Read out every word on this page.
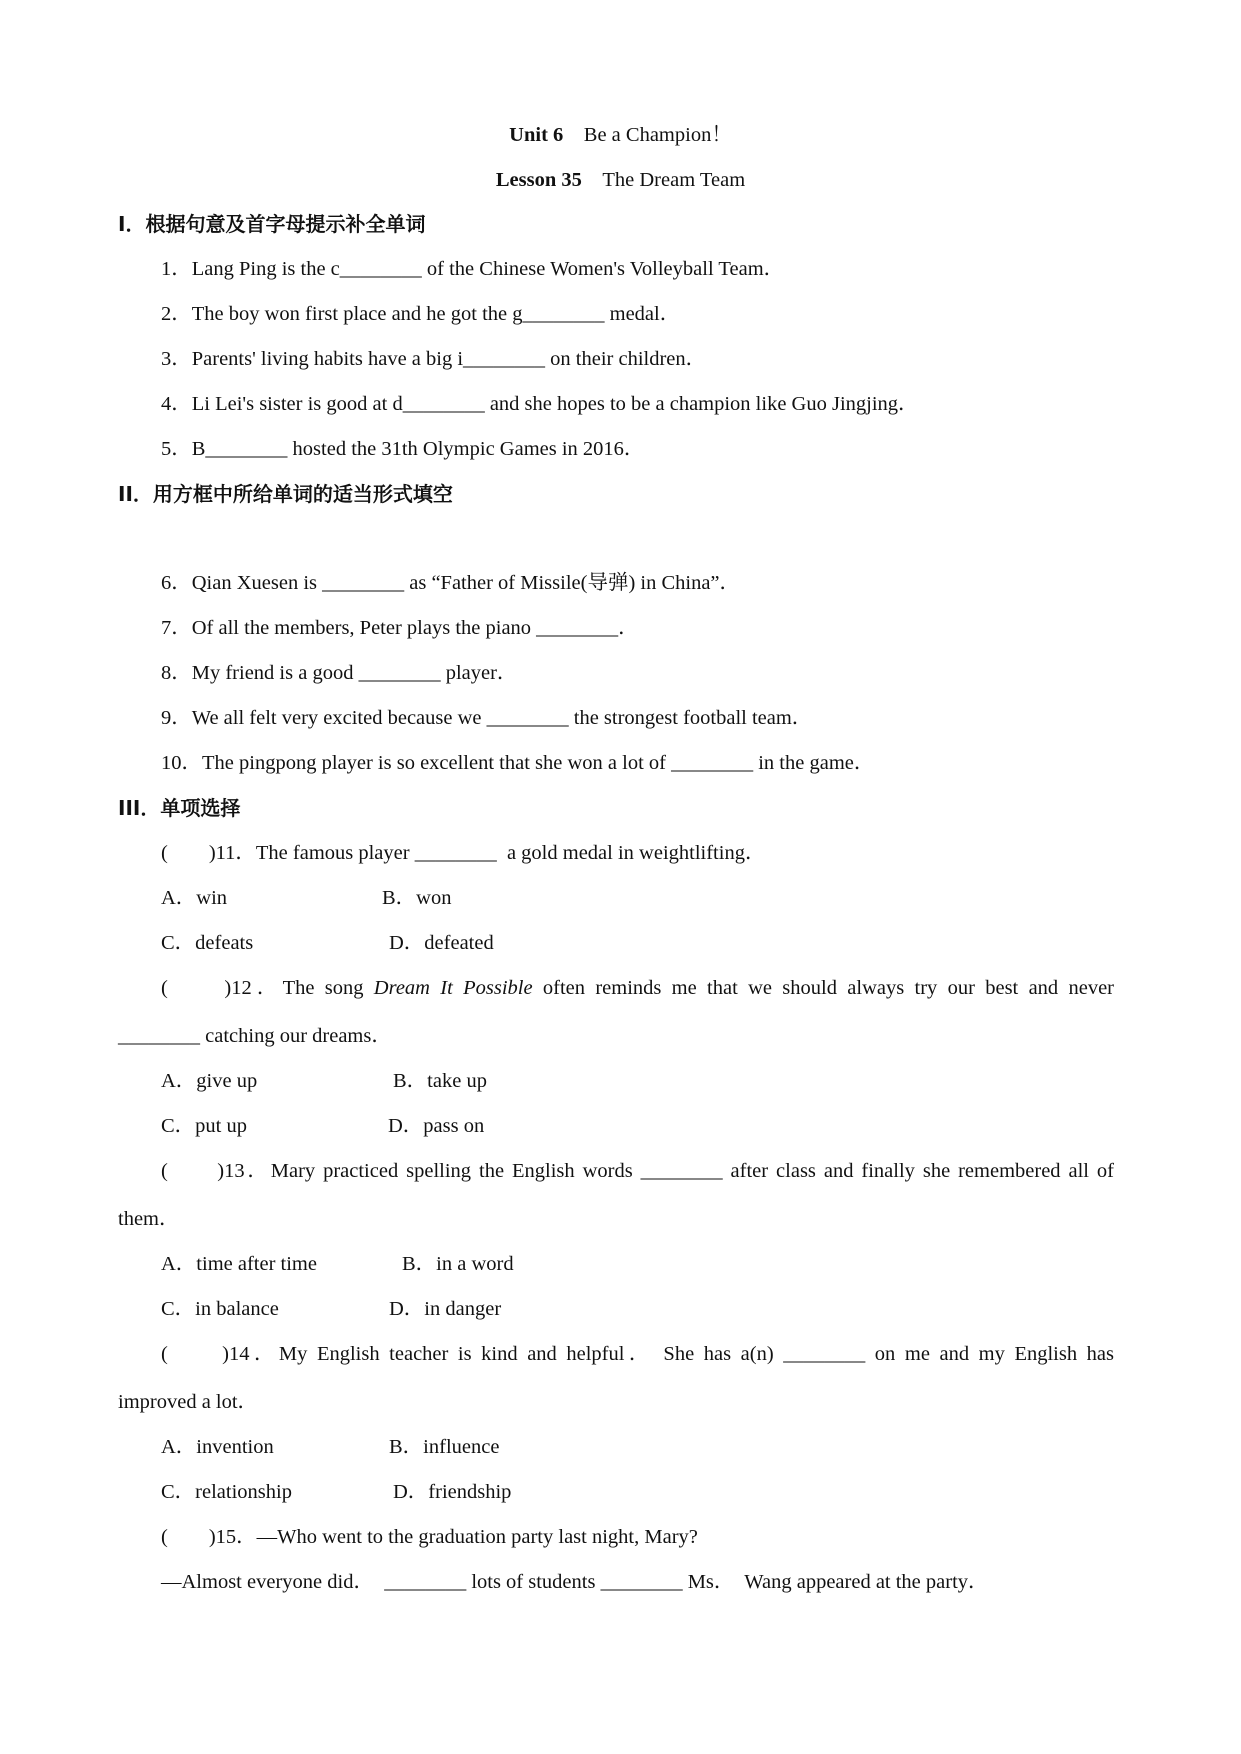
Unit 6　 Be a Champion！
Lesson 35　 The Dream Team
I．根据句意及首字母提示补全单词
1．Lang Ping is the c________ of the Chinese Women's Volleyball Team．
2．The boy won first place and he got the g________ medal．
3．Parents' living habits have a big i________ on their children．
4．Li Lei's sister is good at d________ and she hopes to be a champion like Guo Jingjing．
5．B________ hosted the 31th Olympic Games in 2016．
II．用方框中所给单词的适当形式填空
6．Qian Xuesen is ________ as “Father of Missile(导弹) in China”．
7．Of all the members, Peter plays the piano ________．
8．My friend is a good ________ player．
9．We all felt very excited because we ________ the strongest football team．
10．The pingpong player is so excellent that she won a lot of ________ in the game．
III．单项选择
(　　)11．The famous player ________  a gold medal in weightlifting．
A．win	B．won
C．defeats	D．defeated
(　　)12．The song Dream It Possible often reminds me that we should always try our best and never
________ catching our dreams．
A．give up	B．take up
C．put up	D．pass on
(　　)13．Mary practiced spelling the English words ________ after class and finally she remembered all of
them．
A．time after time	B．in a word
C．in balance	D．in danger
(　　)14．My English teacher is kind and helpful． She has a(n) ________ on me and my English has
improved a lot．
A．invention	B．influence
C．relationship	D．friendship
(　　)15．—Who went to the graduation party last night, Mary?
—Almost everyone did．  ________ lots of students ________ Ms．  Wang appeared at the party．
